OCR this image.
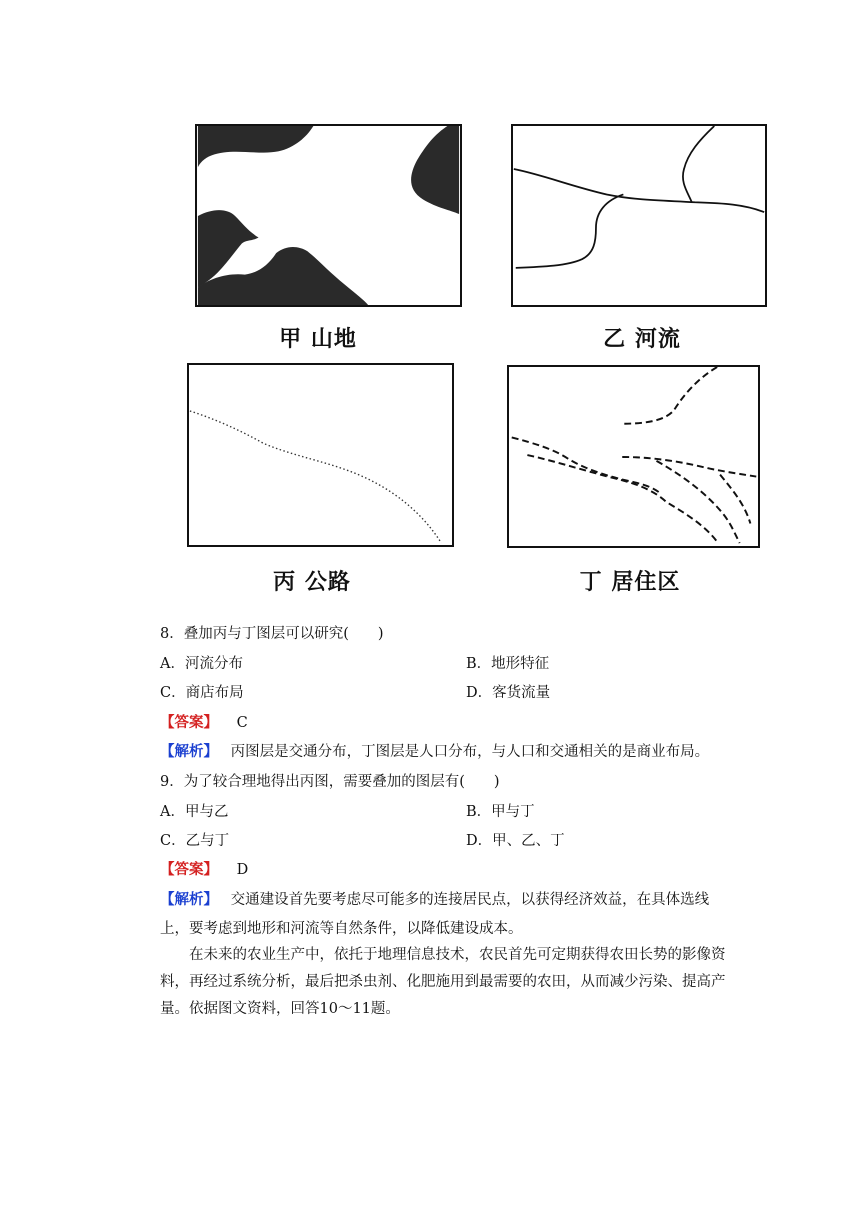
甲 山地	乙 河流
丙 公路	丁 居住区
8．叠加丙与丁图层可以研究(　　)
A．河流分布	B．地形特征
C．商店布局	D．客货流量
【答案】 C
【解析】 丙图层是交通分布，丁图层是人口分布，与人口和交通相关的是商业布局。
9．为了较合理地得出丙图，需要叠加的图层有(　　)
A．甲与乙	B．甲与丁
C．乙与丁	D．甲、乙、丁
【答案】 D
【解析】 交通建设首先要考虑尽可能多的连接居民点，以获得经济效益，在具体选线
上，要考虑到地形和河流等自然条件，以降低建设成本。
在未来的农业生产中，依托于地理信息技术，农民首先可定期获得农田长势的影像资料，再经过系统分析，最后把杀虫剂、化肥施用到最需要的农田，从而减少污染、提高产量。依据图文资料，回答10～11题。
